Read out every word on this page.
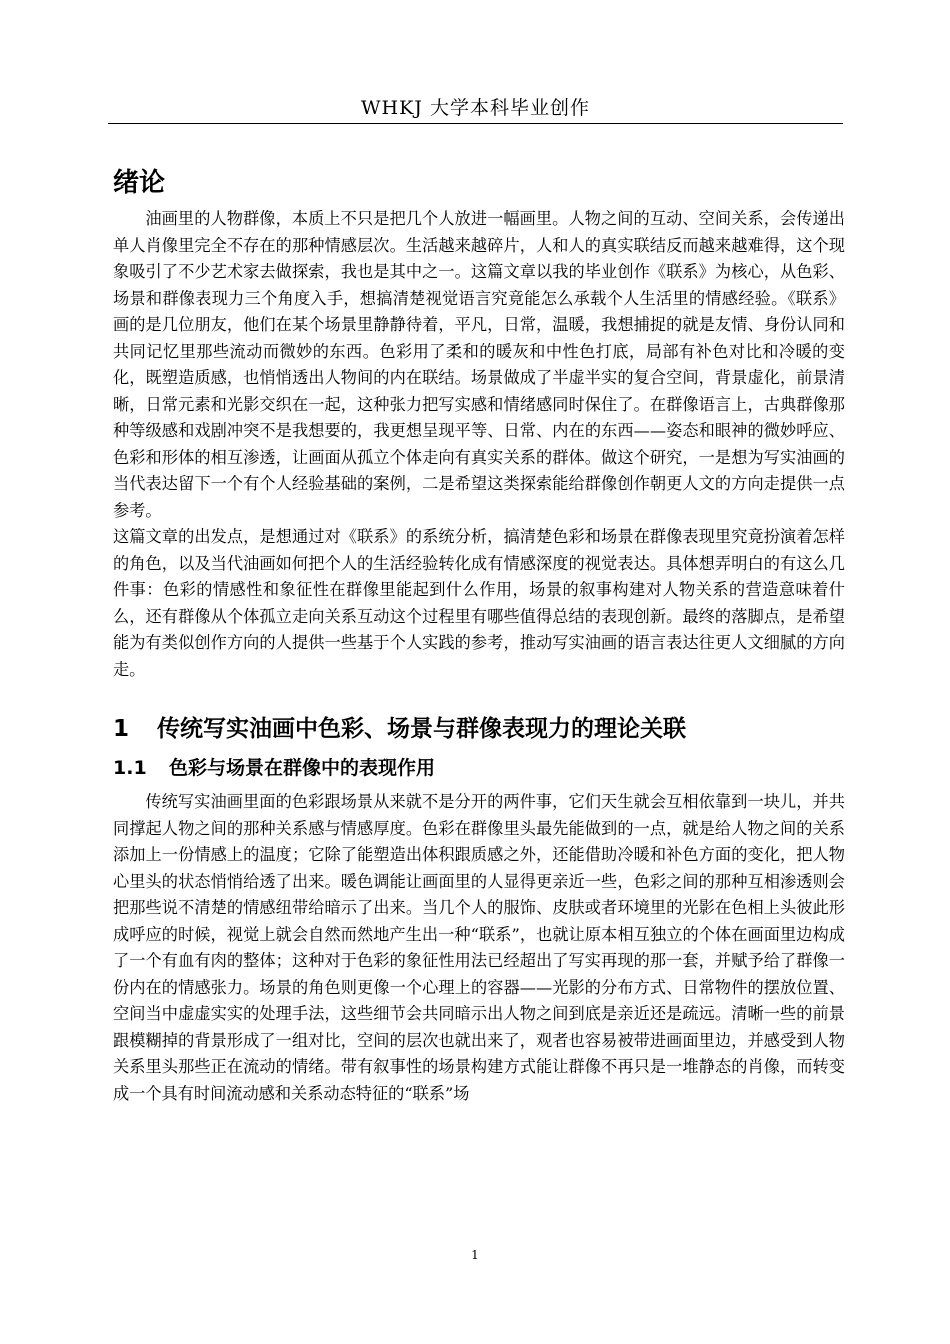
WHKJ 大学本科毕业创作
绪论

油画里的人物群像，本质上不只是把几个人放进一幅画里。人物之间的互动、空间关系，会传递出单人肖像里完全不存在的那种情感层次。生活越来越碎片，人和人的真实联结反而越来越难得，这个现象吸引了不少艺术家去做探索，我也是其中之一。这篇文章以我的毕业创作《联系》为核心，从色彩、场景和群像表现力三个角度入手，想搞清楚视觉语言究竟能怎么承载个人生活里的情感经验。《联系》画的是几位朋友，他们在某个场景里静静待着，平凡，日常，温暖，我想捕捉的就是友情、身份认同和共同记忆里那些流动而微妙的东西。色彩用了柔和的暖灰和中性色打底，局部有补色对比和冷暖的变化，既塑造质感，也悄悄透出人物间的内在联结。场景做成了半虚半实的复合空间，背景虚化，前景清晰，日常元素和光影交织在一起，这种张力把写实感和情绪感同时保住了。在群像语言上，古典群像那种等级感和戏剧冲突不是我想要的，我更想呈现平等、日常、内在的东西——姿态和眼神的微妙呼应、色彩和形体的相互渗透，让画面从孤立个体走向有真实关系的群体。做这个研究，一是想为写实油画的当代表达留下一个有个人经验基础的案例，二是希望这类探索能给群像创作朝更人文的方向走提供一点参考。

这篇文章的出发点，是想通过对《联系》的系统分析，搞清楚色彩和场景在群像表现里究竟扮演着怎样的角色，以及当代油画如何把个人的生活经验转化成有情感深度的视觉表达。具体想弄明白的有这么几件事：色彩的情感性和象征性在群像里能起到什么作用，场景的叙事构建对人物关系的营造意味着什么，还有群像从个体孤立走向关系互动这个过程里有哪些值得总结的表现创新。最终的落脚点，是希望能为有类似创作方向的人提供一些基于个人实践的参考，推动写实油画的语言表达往更人文细腻的方向走。

1 传统写实油画中色彩、场景与群像表现力的理论关联
1.1 色彩与场景在群像中的表现作用

传统写实油画里面的色彩跟场景从来就不是分开的两件事，它们天生就会互相依靠到一块儿，并共同撑起人物之间的那种关系感与情感厚度。色彩在群像里头最先能做到的一点，就是给人物之间的关系添加上一份情感上的温度；它除了能塑造出体积跟质感之外，还能借助冷暖和补色方面的变化，把人物心里头的状态悄悄给透了出来。暖色调能让画面里的人显得更亲近一些，色彩之间的那种互相渗透则会把那些说不清楚的情感纽带给暗示了出来。当几个人的服饰、皮肤或者环境里的光影在色相上头彼此形成呼应的时候，视觉上就会自然而然地产生出一种“联系”，也就让原本相互独立的个体在画面里边构成了一个有血有肉的整体；这种对于色彩的象征性用法已经超出了写实再现的那一套，并赋予给了群像一份内在的情感张力。场景的角色则更像一个心理上的容器——光影的分布方式、日常物件的摆放位置、空间当中虚虚实实的处理手法，这些细节会共同暗示出人物之间到底是亲近还是疏远。清晰一些的前景跟模糊掉的背景形成了一组对比，空间的层次也就出来了，观者也容易被带进画面里边，并感受到人物关系里头那些正在流动的情绪。带有叙事性的场景构建方式能让群像不再只是一堆静态的肖像，而转变成一个具有时间流动感和关系动态特征的“联系”场

1
